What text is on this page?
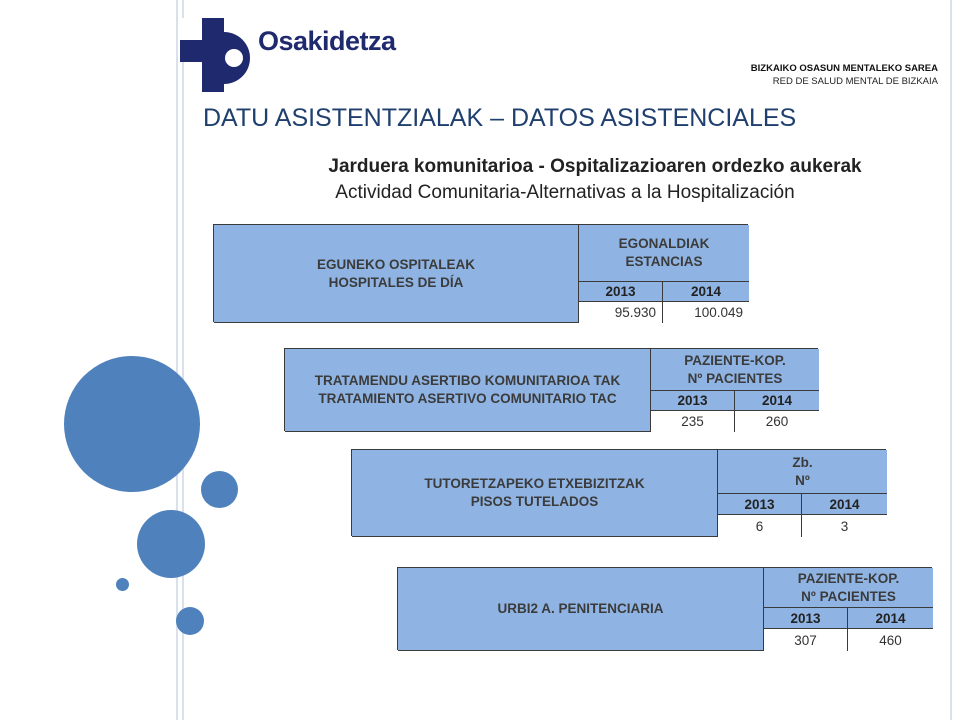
Osakidetza
BIZKAIKO OSASUN MENTALEKO SAREA
RED DE SALUD MENTAL DE BIZKAIA
DATU ASISTENTZIALAK – DATOS ASISTENCIALES
Jarduera komunitarioa - Ospitalizazioaren ordezko aukerak
Actividad Comunitaria-Alternativas a la Hospitalización
EGUNEKO OSPITALEAK
HOSPITALES DE DÍA
EGONALDIAK
ESTANCIAS
2013	2014
95.930	100.049
TRATAMENDU ASERTIBO KOMUNITARIOA TAK
TRATAMIENTO ASERTIVO COMUNITARIO TAC
PAZIENTE-KOP.
Nº PACIENTES
2013	2014
235	260
TUTORETZAPEKO ETXEBIZITZAK
PISOS TUTELADOS
Zb.
Nº
2013	2014
6	3
URBI2 A. PENITENCIARIA
PAZIENTE-KOP.
Nº PACIENTES
2013	2014
307	460
